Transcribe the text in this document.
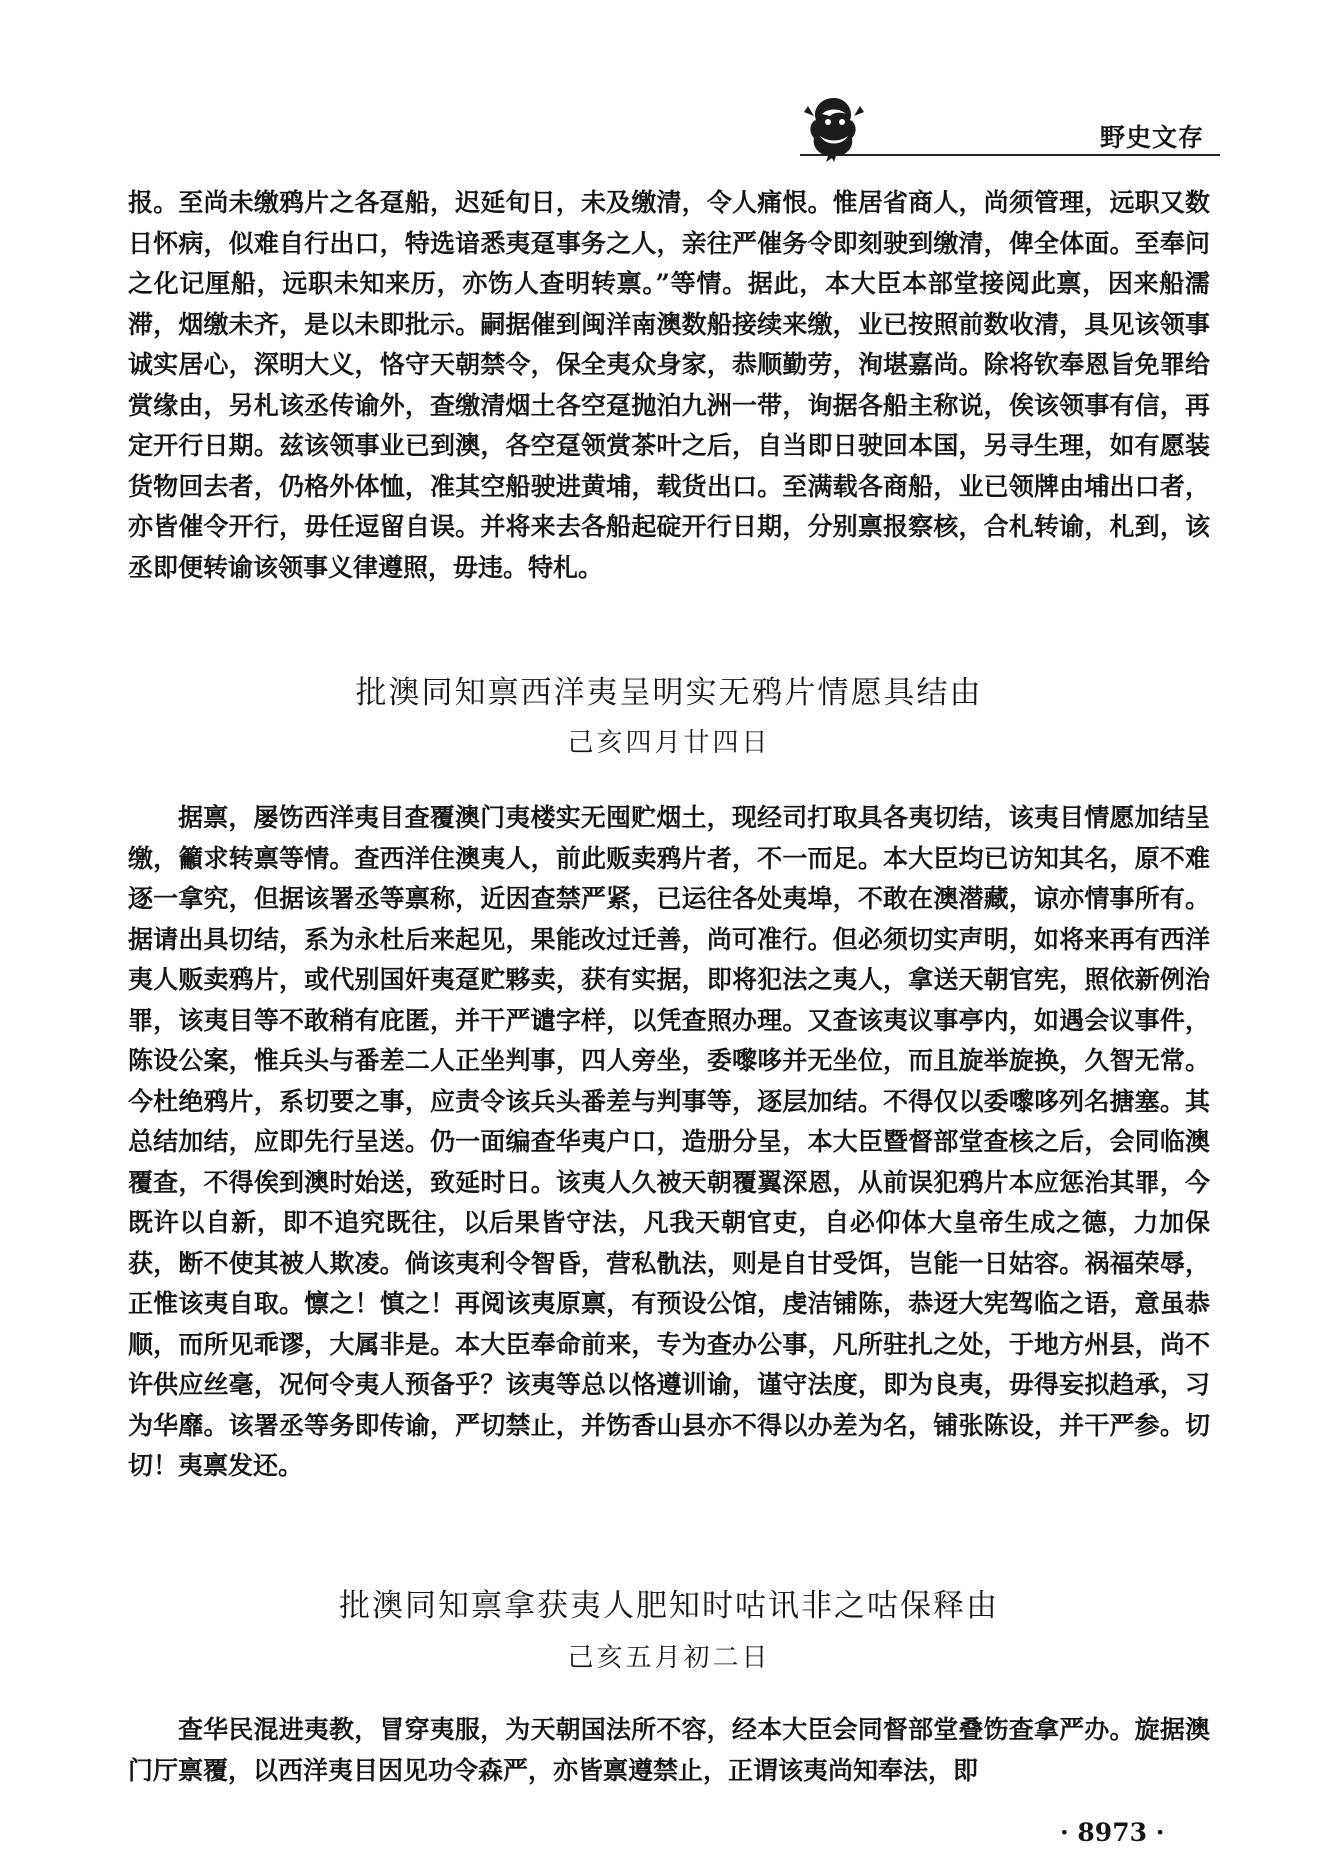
野史文存

报。至尚未缴鸦片之各趸船，迟延旬日，未及缴清，令人痛恨。惟居省商人，尚须管理，远职又数日怀病，似难自行出口，特选谙悉夷趸事务之人，亲往严催务令即刻驶到缴清，俾全体面。至奉问之化记厘船，远职未知来历，亦饬人查明转禀。”等情。据此，本大臣本部堂接阅此禀，因来船濡滞，烟缴未齐，是以未即批示。嗣据催到闽洋南澳数船接续来缴，业已按照前数收清，具见该领事诚实居心，深明大义，恪守天朝禁令，保全夷众身家，恭顺勤劳，洵堪嘉尚。除将钦奉恩旨免罪给赏缘由，另札该丞传谕外，查缴清烟土各空趸抛泊九洲一带，询据各船主称说，俟该领事有信，再定开行日期。兹该领事业已到澳，各空趸领赏茶叶之后，自当即日驶回本国，另寻生理，如有愿装货物回去者，仍格外体恤，准其空船驶进黄埔，载货出口。至满载各商船，业已领牌由埔出口者，亦皆催令开行，毋任逗留自误。并将来去各船起碇开行日期，分别禀报察核，合札转谕，札到，该丞即便转谕该领事义律遵照，毋违。特札。

批澳同知禀西洋夷呈明实无鸦片情愿具结由
己亥四月廿四日

据禀，屡饬西洋夷目查覆澳门夷楼实无囤贮烟土，现经司打取具各夷切结，该夷目情愿加结呈缴，籲求转禀等情。查西洋住澳夷人，前此贩卖鸦片者，不一而足。本大臣均已访知其名，原不难逐一拿究，但据该署丞等禀称，近因查禁严紧，已运往各处夷埠，不敢在澳潜藏，谅亦情事所有。据请出具切结，系为永杜后来起见，果能改过迁善，尚可准行。但必须切实声明，如将来再有西洋夷人贩卖鸦片，或代别国奸夷趸贮夥卖，获有实据，即将犯法之夷人，拿送天朝官宪，照依新例治罪，该夷目等不敢稍有庇匿，并干严谴字样，以凭查照办理。又查该夷议事亭内，如遇会议事件，陈设公案，惟兵头与番差二人正坐判事，四人旁坐，委嚟哆并无坐位，而且旋举旋换，久智无常。今杜绝鸦片，系切要之事，应责令该兵头番差与判事等，逐层加结。不得仅以委嚟哆列名搪塞。其总结加结，应即先行呈送。仍一面编查华夷户口，造册分呈，本大臣暨督部堂查核之后，会同临澳覆查，不得俟到澳时始送，致延时日。该夷人久被天朝覆翼深恩，从前误犯鸦片本应惩治其罪，今既许以自新，即不追究既往，以后果皆守法，凡我天朝官吏，自必仰体大皇帝生成之德，力加保获，断不使其被人欺凌。倘该夷利令智昏，营私骩法，则是自甘受饵，岂能一日姑容。祸福荣辱，正惟该夷自取。懔之！慎之！再阅该夷原禀，有预设公馆，虔洁铺陈，恭迓大宪驾临之语，意虽恭顺，而所见乖谬，大属非是。本大臣奉命前来，专为查办公事，凡所驻扎之处，于地方州县，尚不许供应丝毫，况何令夷人预备乎？该夷等总以恪遵训谕，谨守法度，即为良夷，毋得妄拟趋承，习为华靡。该署丞等务即传谕，严切禁止，并饬香山县亦不得以办差为名，铺张陈设，并干严参。切切！夷禀发还。

批澳同知禀拿获夷人肥知时咕讯非之咕保释由
己亥五月初二日

查华民混进夷教，冒穿夷服，为天朝国法所不容，经本大臣会同督部堂叠饬查拿严办。旋据澳门厅禀覆，以西洋夷目因见功令森严，亦皆禀遵禁止，正谓该夷尚知奉法，即

· 8973 ·
